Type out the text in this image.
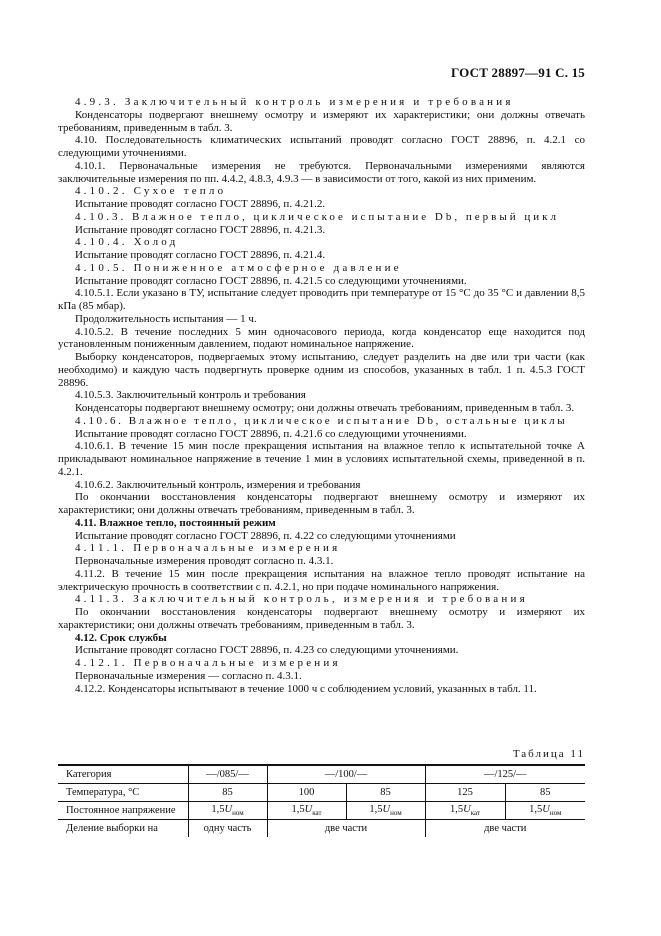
ГОСТ 28897—91 С. 15

4.9.3. Заключительный контроль измерения и требования

Конденсаторы подвергают внешнему осмотру и измеряют их характеристики; они должны отвечать требованиям, приведенным в табл. 3.

4.10. Последовательность климатических испытаний проводят согласно ГОСТ 28896, п. 4.2.1 со следующими уточнениями.

4.10.1. Первоначальные измерения не требуются. Первоначальными измерениями являются заключительные измерения по пп. 4.4.2, 4.8.3, 4.9.3 — в зависимости от того, какой из них применим.

4.10.2. Сухое тепло

Испытание проводят согласно ГОСТ 28896, п. 4.21.2.

4.10.3. Влажное тепло, циклическое испытание Db, первый цикл

Испытание проводят согласно ГОСТ 28896, п. 4.21.3.

4.10.4. Холод

Испытание проводят согласно ГОСТ 28896, п. 4.21.4.

4.10.5. Пониженное атмосферное давление

Испытание проводят согласно ГОСТ 28896, п. 4.21.5 со следующими уточнениями.

4.10.5.1. Если указано в ТУ, испытание следует проводить при температуре от 15 °С до 35 °С и давлении 8,5 кПа (85 мбар).

Продолжительность испытания — 1 ч.

4.10.5.2. В течение последних 5 мин одночасового периода, когда конденсатор еще находится под установленным пониженным давлением, подают номинальное напряжение.

Выборку конденсаторов, подвергаемых этому испытанию, следует разделить на две или три части (как необходимо) и каждую часть подвергнуть проверке одним из способов, указанных в табл. 1 п. 4.5.3 ГОСТ 28896.

4.10.5.3. Заключительный контроль и требования

Конденсаторы подвергают внешнему осмотру; они должны отвечать требованиям, приведенным в табл. 3.

4.10.6. Влажное тепло, циклическое испытание Db, остальные циклы

Испытание проводят согласно ГОСТ 28896, п. 4.21.6 со следующими уточнениями.

4.10.6.1. В течение 15 мин после прекращения испытания на влажное тепло к испытательной точке А прикладывают номинальное напряжение в течение 1 мин в условиях испытательной схемы, приведенной в п. 4.2.1.

4.10.6.2. Заключительный контроль, измерения и требования

По окончании восстановления конденсаторы подвергают внешнему осмотру и измеряют их характеристики; они должны отвечать требованиям, приведенным в табл. 3.

4.11. Влажное тепло, постоянный режим

Испытание проводят согласно ГОСТ 28896, п. 4.22 со следующими уточнениями

4.11.1. Первоначальные измерения

Первоначальные измерения проводят согласно п. 4.3.1.

4.11.2. В течение 15 мин после прекращения испытания на влажное тепло проводят испытание на электрическую прочность в соответствии с п. 4.2.1, но при подаче номинального напряжения.

4.11.3. Заключительный контроль, измерения и требования

По окончании восстановления конденсаторы подвергают внешнему осмотру и измеряют их характеристики; они должны отвечать требованиям, приведенным в табл. 3.

4.12. Срок службы

Испытание проводят согласно ГОСТ 28896, п. 4.23 со следующими уточнениями.

4.12.1. Первоначальные измерения

Первоначальные измерения — согласно п. 4.3.1.

4.12.2. Конденсаторы испытывают в течение 1000 ч с соблюдением условий, указанных в табл. 11.

Таблица 11
Категория	—/085/—	—/100/—		—/125/—	
Температура, °С	85	100	85	125	85
Постоянное напряжение	$1,5U_{ном}$	$1,5U_{кат}$	$1,5U_{ном}$	$1,5U_{кат}$	$1,5U_{ном}$
Деление выборки на	одну часть	две части		две части	
